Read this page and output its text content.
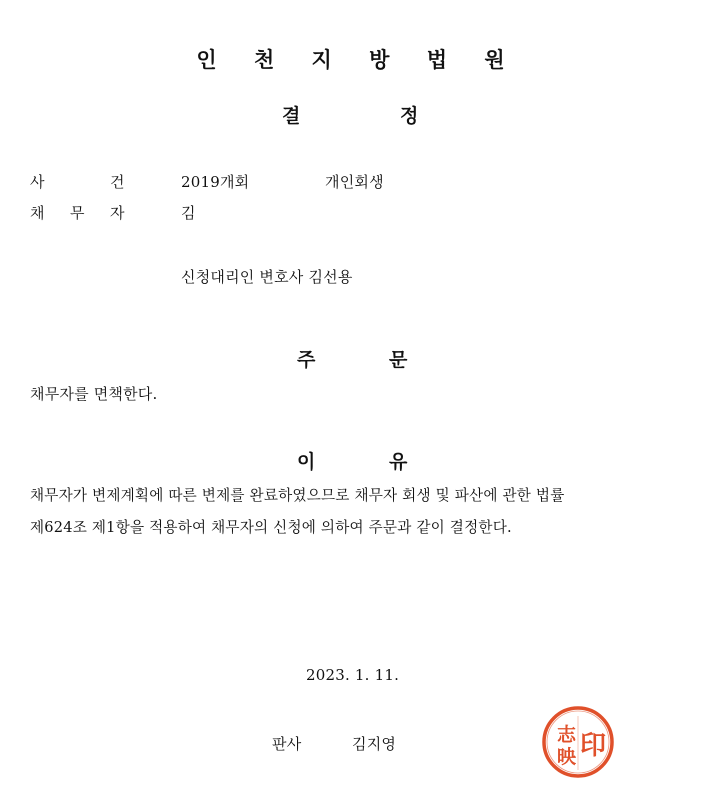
인 천 지 방 법 원
결	정
사	건	2019개회	개인회생
채 무 자	김
신청대리인 변호사 김선용
주	문
채무자를 면책한다.
이	유
채무자가 변제계획에 따른 변제를 완료하였으므로 채무자 회생 및 파산에 관한 법률
제624조 제1항을 적용하여 채무자의 신청에 의하여 주문과 같이 결정한다.
2023. 1. 11.
판사	김지영	志
映 印
